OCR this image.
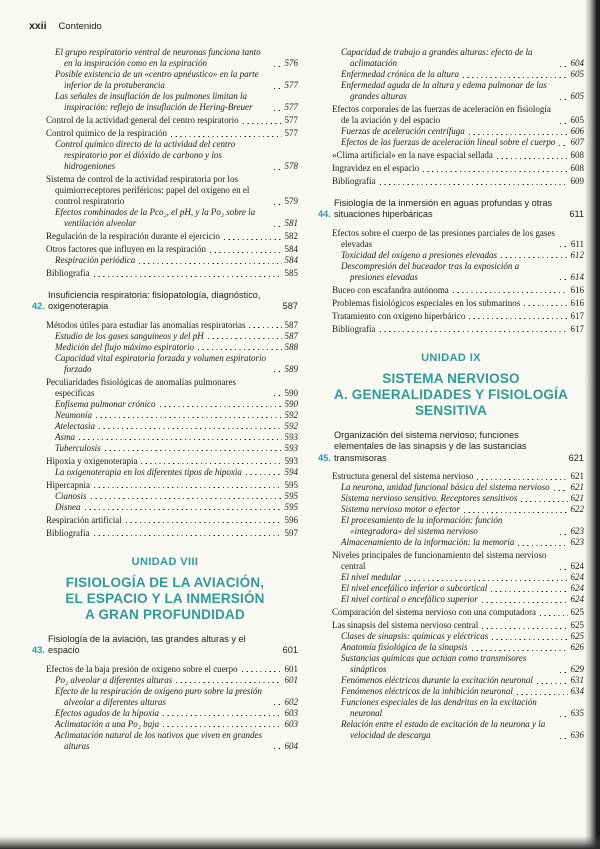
xxii Contenido
El grupo respiratorio ventral de neuronas funciona tanto en la inspiración como en la espiración	576
Posible existencia de un «centro apnéustico» en la parte inferior de la protuberancia	577
Las señales de insuflación de los pulmones limitan la inspiración: reflejo de insuflación de Hering-Breuer	577
Control de la actividad general del centro respiratorio	577
Control químico de la respiración	577
Control químico directo de la actividad del centro respiratorio por el dióxido de carbono y los hidrogeniones	578
Sistema de control de la actividad respiratoria por los quimiorreceptores periféricos: papel del oxígeno en el control respiratorio	579
Efectos combinados de la Pco₂, el pH, y la Po₂ sobre la ventilación alveolar	581
Regulación de la respiración durante el ejercicio	582
Otros factores que influyen en la respiración	584
Respiración periódica	584
Bibliografía	585
42.
Insuficiencia respiratoria: fisiopatología, diagnóstico, oxigenoterapia	587
Métodos útiles para estudiar las anomalías respiratorias	587
Estudio de los gases sanguíneos y del pH	587
Medición del flujo máximo espiratorio	588
Capacidad vital espiratoria forzada y volumen espiratorio forzado	589
Peculiaridades fisiológicas de anomalías pulmonares específicas	590
Enfisema pulmonar crónico	590
Neumonía	592
Atelectasia	592
Asma	593
Tuberculosis	593
Hipoxia y oxigenoterapia	593
La oxigenoterapia en los diferentes tipos de hipoxia	594
Hipercapnia	595
Cianosis	595
Disnea	595
Respiración artificial	596
Bibliografía	597
UNIDAD VIII
FISIOLOGÍA DE LA AVIACIÓN,
EL ESPACIO Y LA INMERSIÓN
A GRAN PROFUNDIDAD
43.
Fisiología de la aviación, las grandes alturas y el espacio	601
Efectos de la baja presión de oxígeno sobre el cuerpo	601
Po₂ alveolar a diferentes alturas	601
Efecto de la respiración de oxígeno puro sobre la presión alveolar a diferentes alturas	602
Efectos agudos de la hipoxia	603
Aclimatación a una Po₂ baja	603
Aclimatación natural de los nativos que viven en grandes alturas	604
Capacidad de trabajo a grandes alturas: efecto de la aclimatación	604
Enfermedad crónica de la altura	605
Enfermedad aguda de la altura y edema pulmonar de las grandes alturas	605
Efectos corporales de las fuerzas de aceleración en fisiología de la aviación y del espacio	605
Fuerzas de aceleración centrífuga	606
Efectos de las fuerzas de aceleración lineal sobre el cuerpo 607
«Clima artificial» en la nave espacial sellada	608
Ingravidez en el espacio	608
Bibliografía	609
44.
Fisiología de la inmersión en aguas profundas y otras situaciones hiperbáricas	611
Efectos sobre el cuerpo de las presiones parciales de los gases elevadas	611
Toxicidad del oxígeno a presiones elevadas	612
Descompresión del buceador tras la exposición a presiones elevadas	614
Buceo con escafandra autónoma	616
Problemas fisiológicos especiales en los submarinos	616
Tratamiento con oxígeno hiperbárico	617
Bibliografía	617
UNIDAD IX
SISTEMA NERVIOSO
A. GENERALIDADES Y FISIOLOGÍA
SENSITIVA
45.
Organización del sistema nervioso; funciones elementales de las sinapsis y de las sustancias transmisoras	621
Estructura general del sistema nervioso	621
La neurona, unidad funcional básica del sistema nervioso 621
Sistema nervioso sensitivo. Receptores sensitivos	621
Sistema nervioso motor o efector	622
El procesamiento de la información: función «integradora» del sistema nervioso	623
Almacenamiento de la información: la memoria	623
Niveles principales de funcionamiento del sistema nervioso central	624
El nivel medular	624
El nivel encefálico inferior o subcortical	624
El nivel cortical o encefálico superior	624
Comparación del sistema nervioso con una computadora	625
Las sinapsis del sistema nervioso central	625
Clases de sinapsis: químicas y eléctricas	625
Anatomía fisiológica de la sinapsis	626
Sustancias químicas que actúan como transmisores sinápticos	629
Fenómenos eléctricos durante la excitación neuronal	631
Fenómenos eléctricos de la inhibición neuronal	634
Funciones especiales de las dendritas en la excitación neuronal	635
Relación entre el estado de excitación de la neurona y la velocidad de descarga	636
